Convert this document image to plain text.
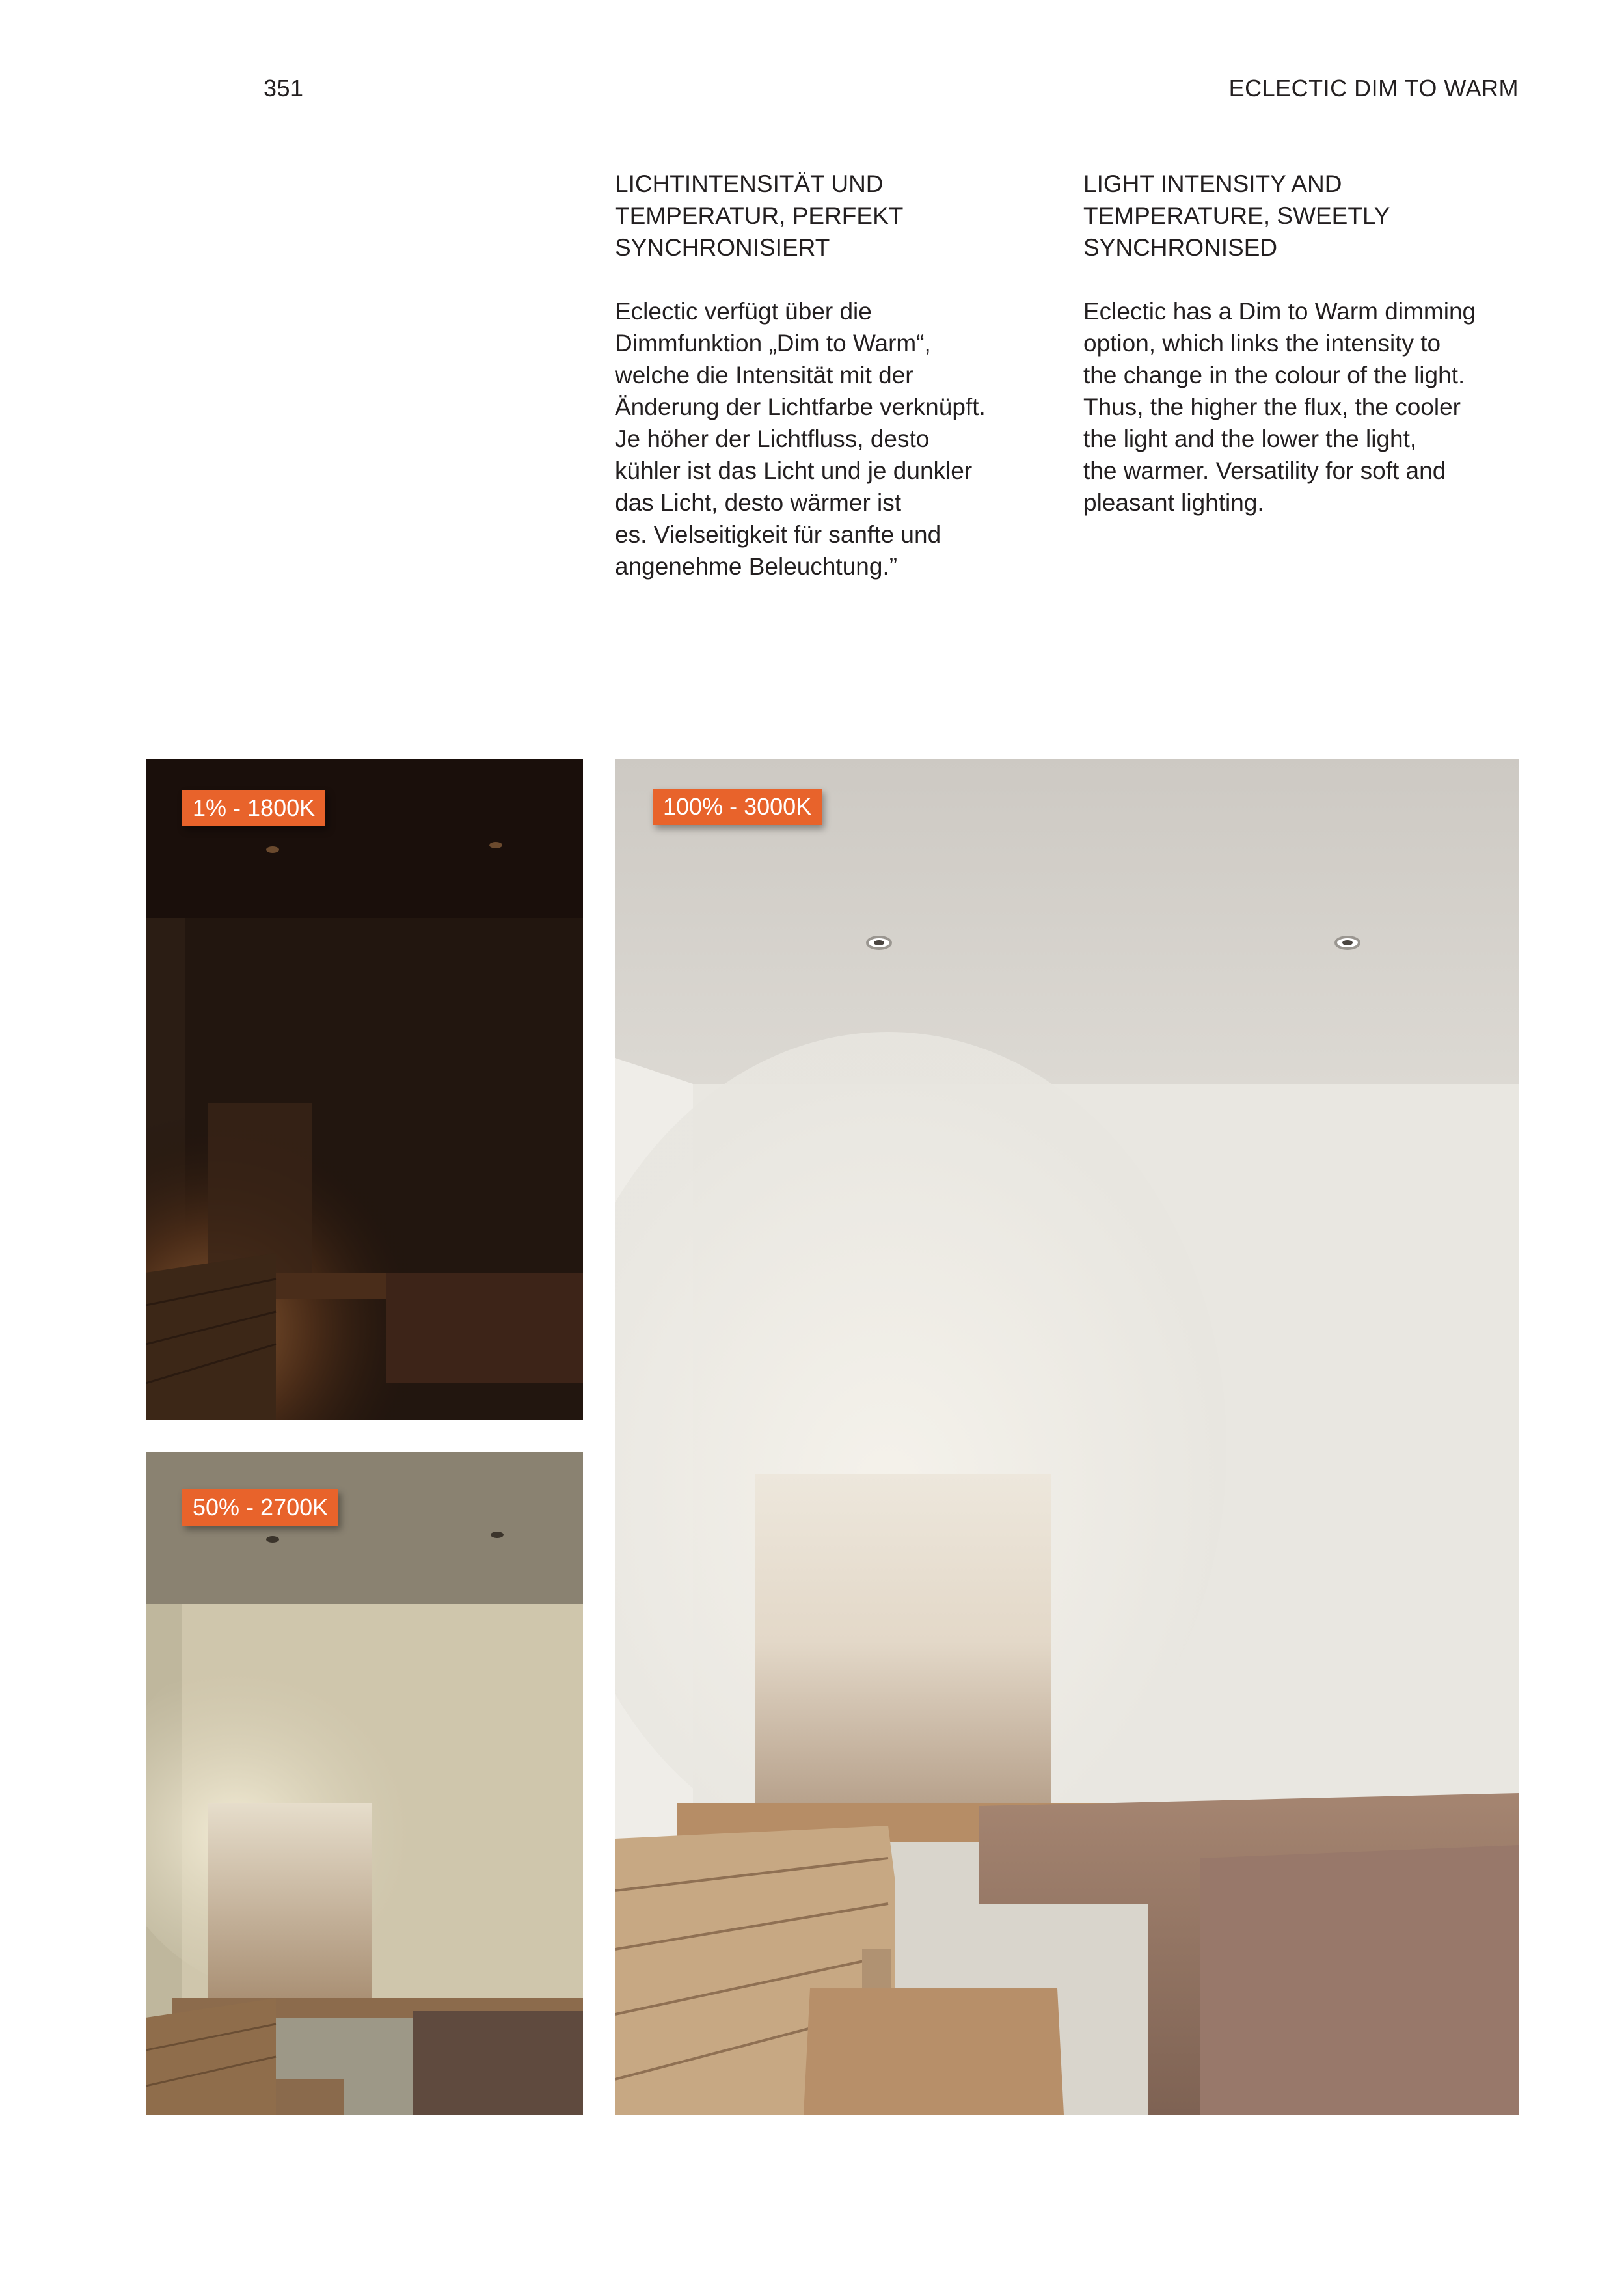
351	ECLECTIC DIM TO WARM

LICHTINTENSITÄT UND
TEMPERATUR, PERFEKT
SYNCHRONISIERT

Eclectic verfügt über die
Dimmfunktion „Dim to Warm“,
welche die Intensität mit der
Änderung der Lichtfarbe verknüpft.
Je höher der Lichtfluss, desto
kühler ist das Licht und je dunkler
das Licht, desto wärmer ist
es. Vielseitigkeit für sanfte und
angenehme Beleuchtung.”

LIGHT INTENSITY AND
TEMPERATURE, SWEETLY
SYNCHRONISED

Eclectic has a Dim to Warm dimming
option, which links the intensity to
the change in the colour of the light.
Thus, the higher the flux, the cooler
the light and the lower the light,
the warmer. Versatility for soft and
pleasant lighting.

1% - 1800K
50% - 2700K
100% - 3000K
